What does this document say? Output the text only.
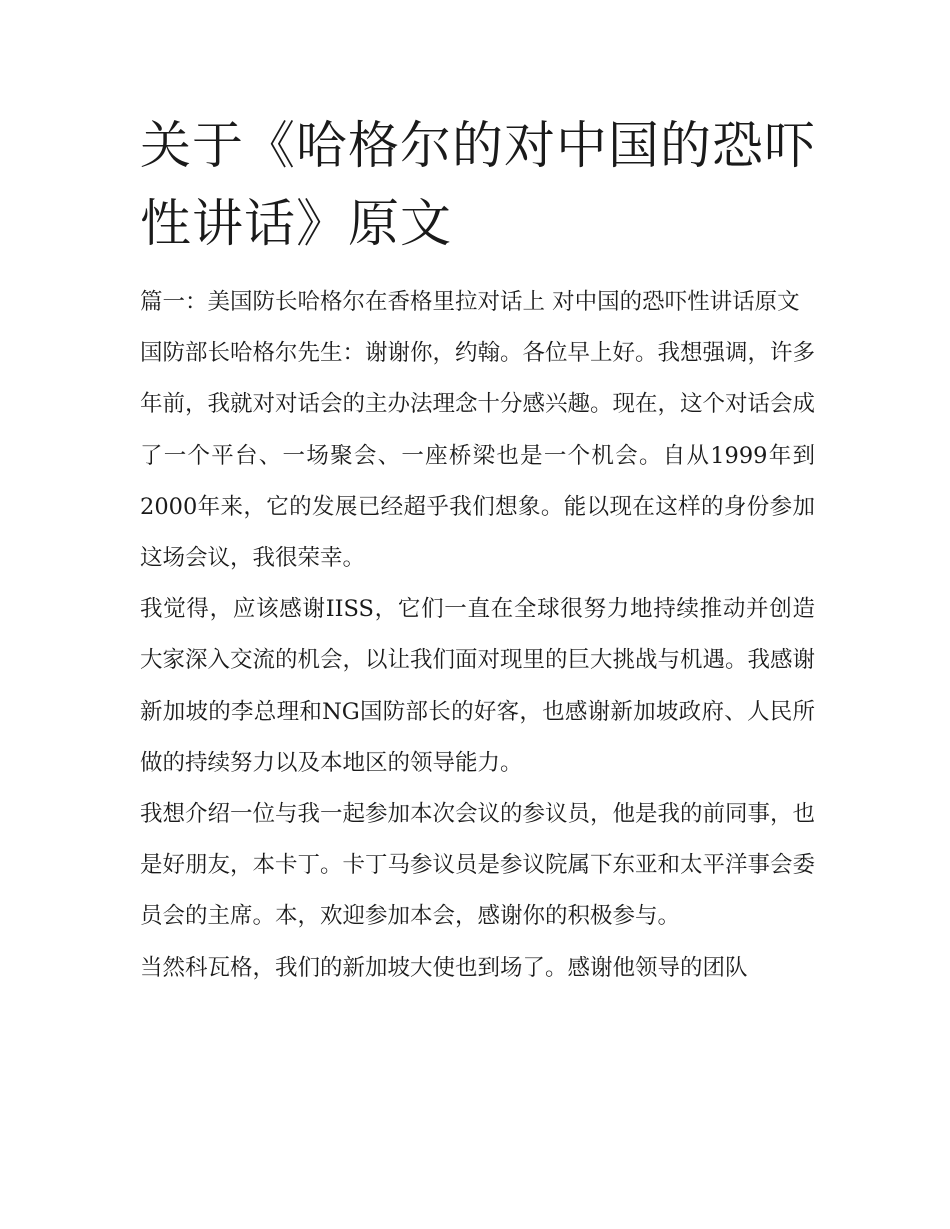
关于《哈格尔的对中国的恐吓性讲话》原文

篇一：美国防长哈格尔在香格里拉对话上 对中国的恐吓性讲话原文

国防部长哈格尔先生：谢谢你，约翰。各位早上好。我想强调，许多年前，我就对对话会的主办法理念十分感兴趣。现在，这个对话会成了一个平台、一场聚会、一座桥梁也是一个机会。自从1999年到2000年来，它的发展已经超乎我们想象。能以现在这样的身份参加这场会议，我很荣幸。

我觉得，应该感谢IISS，它们一直在全球很努力地持续推动并创造大家深入交流的机会，以让我们面对现里的巨大挑战与机遇。我感谢新加坡的李总理和NG国防部长的好客，也感谢新加坡政府、人民所做的持续努力以及本地区的领导能力。

我想介绍一位与我一起参加本次会议的参议员，他是我的前同事，也是好朋友，本卡丁。卡丁马参议员是参议院属下东亚和太平洋事会委员会的主席。本，欢迎参加本会，感谢你的积极参与。

当然科瓦格，我们的新加坡大使也到场了。感谢他领导的团队
